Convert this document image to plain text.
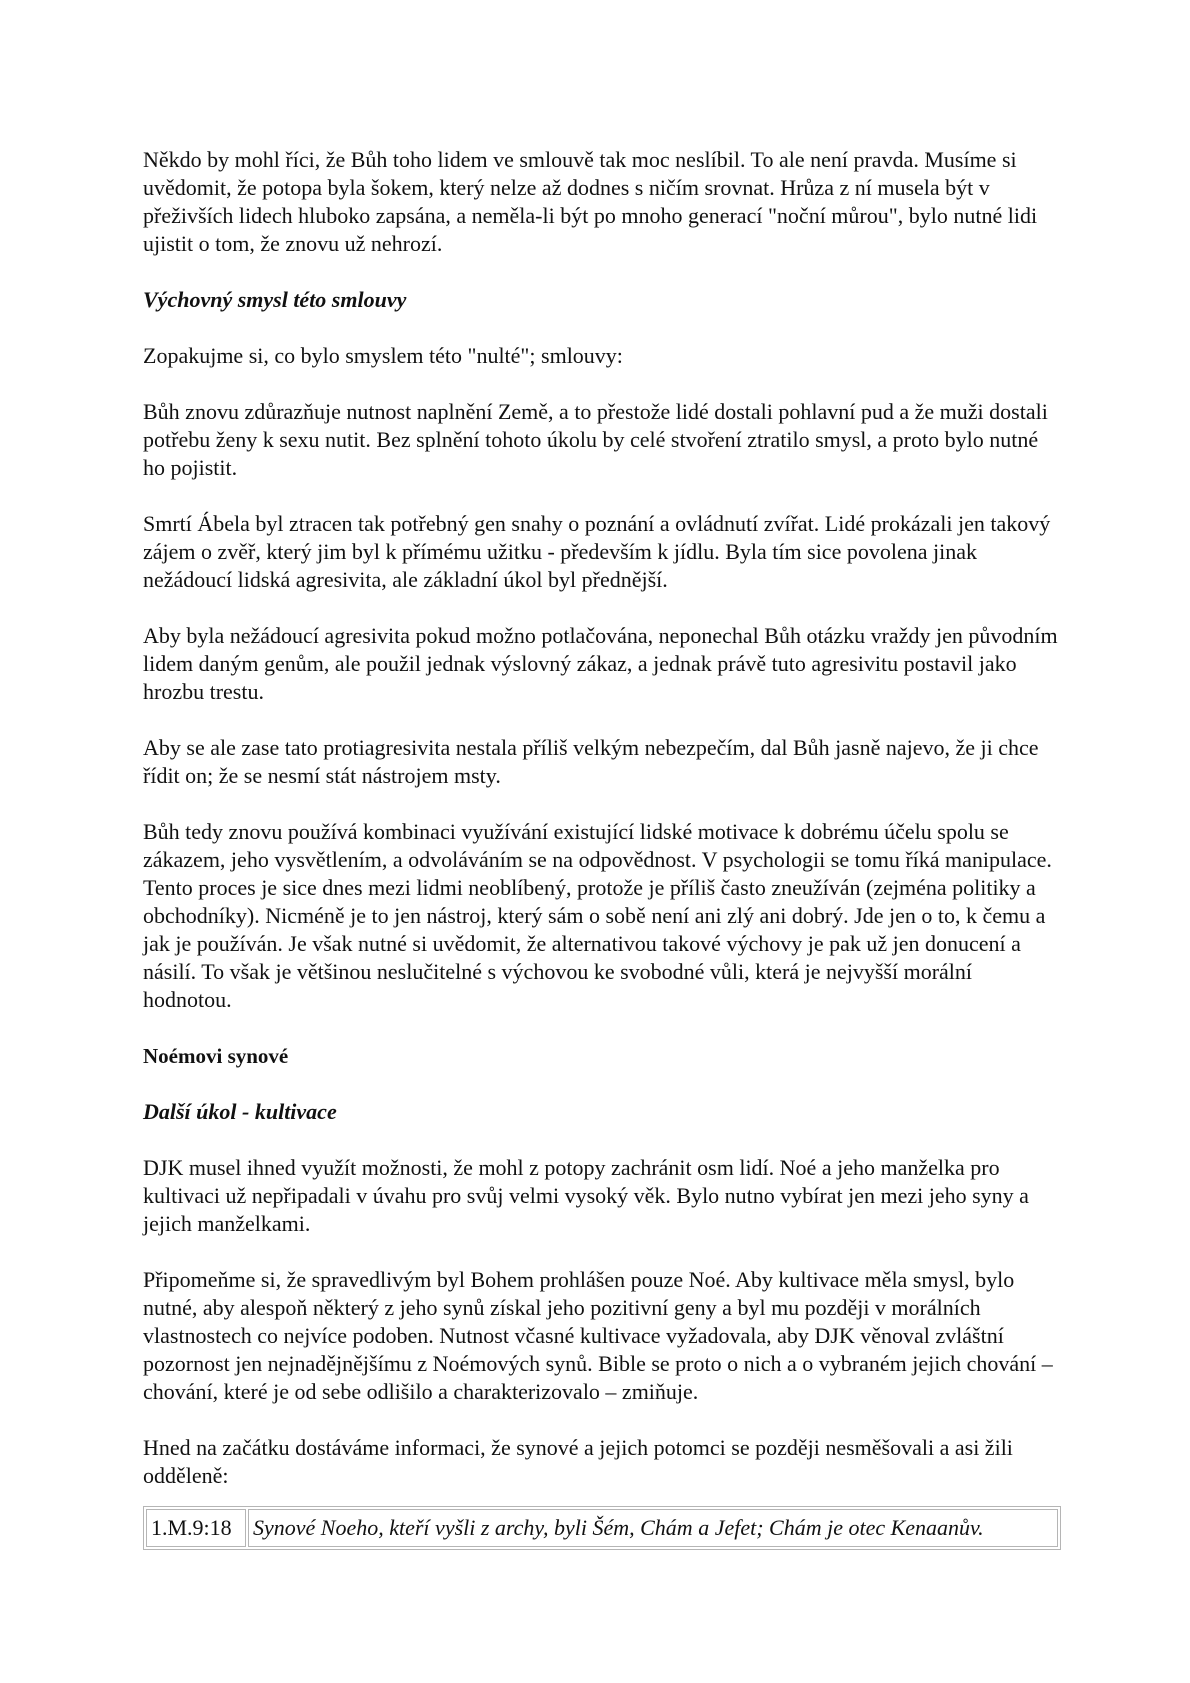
Někdo by mohl říci, že Bůh toho lidem ve smlouvě tak moc neslíbil. To ale není pravda. Musíme si uvědomit, že potopa byla šokem, který nelze až dodnes s ničím srovnat. Hrůza z ní musela být v přeživších lidech hluboko zapsána, a neměla-li být po mnoho generací "noční můrou", bylo nutné lidi ujistit o tom, že znovu už nehrozí.

Výchovný smysl této smlouvy

Zopakujme si, co bylo smyslem této "nulté"; smlouvy:

Bůh znovu zdůrazňuje nutnost naplnění Země, a to přestože lidé dostali pohlavní pud a že muži dostali potřebu ženy k sexu nutit. Bez splnění tohoto úkolu by celé stvoření ztratilo smysl, a proto bylo nutné ho pojistit.

Smrtí Ábela byl ztracen tak potřebný gen snahy o poznání a ovládnutí zvířat. Lidé prokázali jen takový zájem o zvěř, který jim byl k přímému užitku - především k jídlu. Byla tím sice povolena jinak nežádoucí lidská agresivita, ale základní úkol byl přednější.

Aby byla nežádoucí agresivita pokud možno potlačována, neponechal Bůh otázku vraždy jen původním lidem daným genům, ale použil jednak výslovný zákaz, a jednak právě tuto agresivitu postavil jako hrozbu trestu.

Aby se ale zase tato protiagresivita nestala příliš velkým nebezpečím, dal Bůh jasně najevo, že ji chce řídit on; že se nesmí stát nástrojem msty.

Bůh tedy znovu používá kombinaci využívání existující lidské motivace k dobrému účelu spolu se zákazem, jeho vysvětlením, a odvoláváním se na odpovědnost. V psychologii se tomu říká manipulace. Tento proces je sice dnes mezi lidmi neoblíbený, protože je příliš často zneužíván (zejména politiky a obchodníky). Nicméně je to jen nástroj, který sám o sobě není ani zlý ani dobrý. Jde jen o to, k čemu a jak je používán. Je však nutné si uvědomit, že alternativou takové výchovy je pak už jen donucení a násilí. To však je většinou neslučitelné s výchovou ke svobodné vůli, která je nejvyšší morální hodnotou.

Noémovi synové

Další úkol - kultivace

DJK musel ihned využít možnosti, že mohl z potopy zachránit osm lidí. Noé a jeho manželka pro kultivaci už nepřipadali v úvahu pro svůj velmi vysoký věk. Bylo nutno vybírat jen mezi jeho syny a jejich manželkami.

Připomeňme si, že spravedlivým byl Bohem prohlášen pouze Noé. Aby kultivace měla smysl, bylo nutné, aby alespoň některý z jeho synů získal jeho pozitivní geny a byl mu později v morálních vlastnostech co nejvíce podoben. Nutnost včasné kultivace vyžadovala, aby DJK věnoval zvláštní pozornost jen nejnadějnějšímu z Noémových synů. Bible se proto o nich a o vybraném jejich chování – chování, které je od sebe odlišilo a charakterizovalo – zmiňuje.

Hned na začátku dostáváme informaci, že synové a jejich potomci se později nesměšovali a asi žili odděleně:

1.M.9:18	Synové Noeho, kteří vyšli z archy, byli Šém, Chám a Jefet; Chám je otec Kenaanův.
